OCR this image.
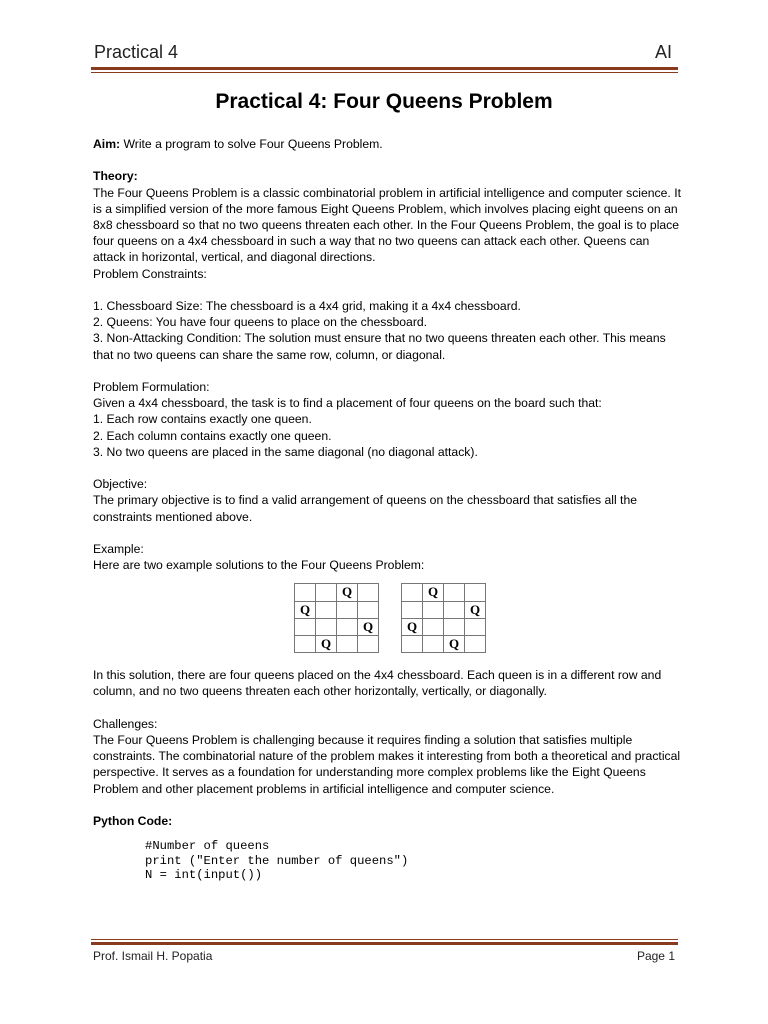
Practical 4	AI
Practical 4: Four Queens Problem

Aim: Write a program to solve Four Queens Problem.

Theory:

The Four Queens Problem is a classic combinatorial problem in artificial intelligence and computer science. It is a simplified version of the more famous Eight Queens Problem, which involves placing eight queens on an 8x8 chessboard so that no two queens threaten each other. In the Four Queens Problem, the goal is to place four queens on a 4x4 chessboard in such a way that no two queens can attack each other. Queens can attack in horizontal, vertical, and diagonal directions.

Problem Constraints:

1. Chessboard Size: The chessboard is a 4x4 grid, making it a 4x4 chessboard.

2. Queens: You have four queens to place on the chessboard.

3. Non-Attacking Condition: The solution must ensure that no two queens threaten each other. This means that no two queens can share the same row, column, or diagonal.

Problem Formulation:

Given a 4x4 chessboard, the task is to find a placement of four queens on the board such that:

1. Each row contains exactly one queen.

2. Each column contains exactly one queen.

3. No two queens are placed in the same diagonal (no diagonal attack).

Objective:

The primary objective is to find a valid arrangement of queens on the chessboard that satisfies all the constraints mentioned above.

Example:

Here are two example solutions to the Four Queens Problem:

		Q	
Q			
			Q
	Q		
	Q		
			Q
Q			
		Q	

In this solution, there are four queens placed on the 4x4 chessboard. Each queen is in a different row and column, and no two queens threaten each other horizontally, vertically, or diagonally.

Challenges:

The Four Queens Problem is challenging because it requires finding a solution that satisfies multiple constraints. The combinatorial nature of the problem makes it interesting from both a theoretical and practical perspective. It serves as a foundation for understanding more complex problems like the Eight Queens Problem and other placement problems in artificial intelligence and computer science.

Python Code:

#Number of queens
print ("Enter the number of queens")
N = int(input())
Prof. Ismail H. Popatia	Page 1
